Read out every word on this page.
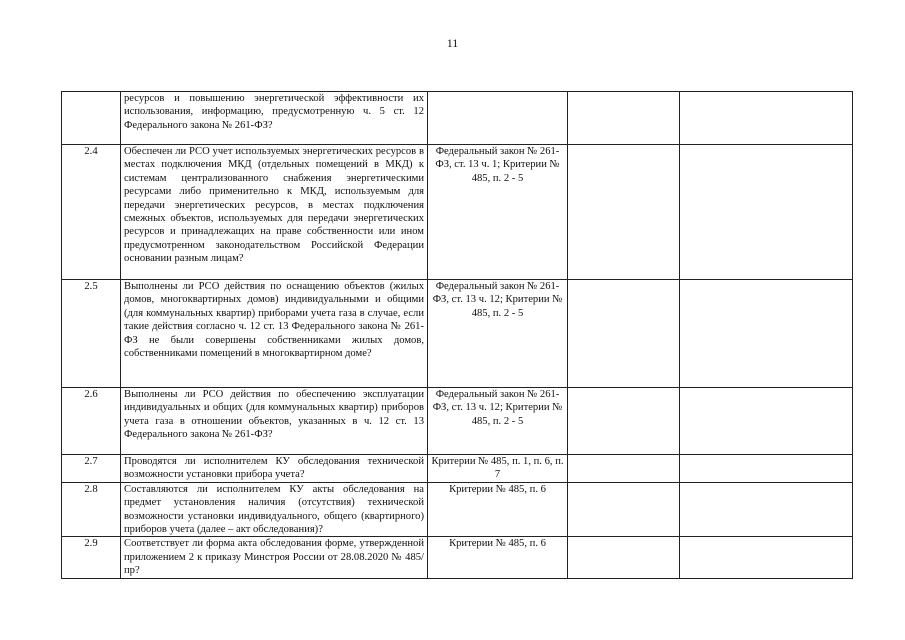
11
	ресурсов и повышению энергетической эффективности их использования, информацию, предусмотренную ч. 5 ст. 12 Федерального закона № 261-ФЗ?			
2.4	Обеспечен ли РСО учет используемых энергетических ресурсов в местах подключения МКД (отдельных помещений в МКД) к системам централизованного снабжения энергетическими ресурсами либо применительно к МКД, используемым для передачи энергетических ресурсов, в местах подключения смежных объектов, используемых для передачи энергетических ресурсов и принадлежащих на праве собственности или ином предусмотренном законодательством Российской Федерации основании разным лицам?	Федеральный закон № 261-ФЗ, ст. 13 ч. 1; Критерии № 485, п. 2 - 5		
2.5	Выполнены ли РСО действия по оснащению объектов (жилых домов, многоквартирных домов) индивидуальными и общими (для коммунальных квартир) приборами учета газа в случае, если такие действия согласно ч. 12 ст. 13 Федерального закона № 261-ФЗ не были совершены собственниками жилых домов, собственниками помещений в многоквартирном доме?	Федеральный закон № 261-ФЗ, ст. 13 ч. 12; Критерии № 485, п. 2 - 5		
2.6	Выполнены ли РСО действия по обеспечению эксплуатации индивидуальных и общих (для коммунальных квартир) приборов учета газа в отношении объектов, указанных в ч. 12 ст. 13 Федерального закона № 261-ФЗ?	Федеральный закон № 261-ФЗ, ст. 13 ч. 12; Критерии № 485, п. 2 - 5		
2.7	Проводятся ли исполнителем КУ обследования технической возможности установки прибора учета?	Критерии № 485, п. 1, п. 6, п. 7		
2.8	Составляются ли исполнителем КУ акты обследования на предмет установления наличия (отсутствия) технической возможности установки индивидуального, общего (квартирного) приборов учета (далее – акт обследования)?	Критерии № 485, п. 6		
2.9	Соответствует ли форма акта обследования форме, утвержденной приложением 2 к приказу Минстроя России от 28.08.2020 № 485/пр?	Критерии № 485, п. 6		
